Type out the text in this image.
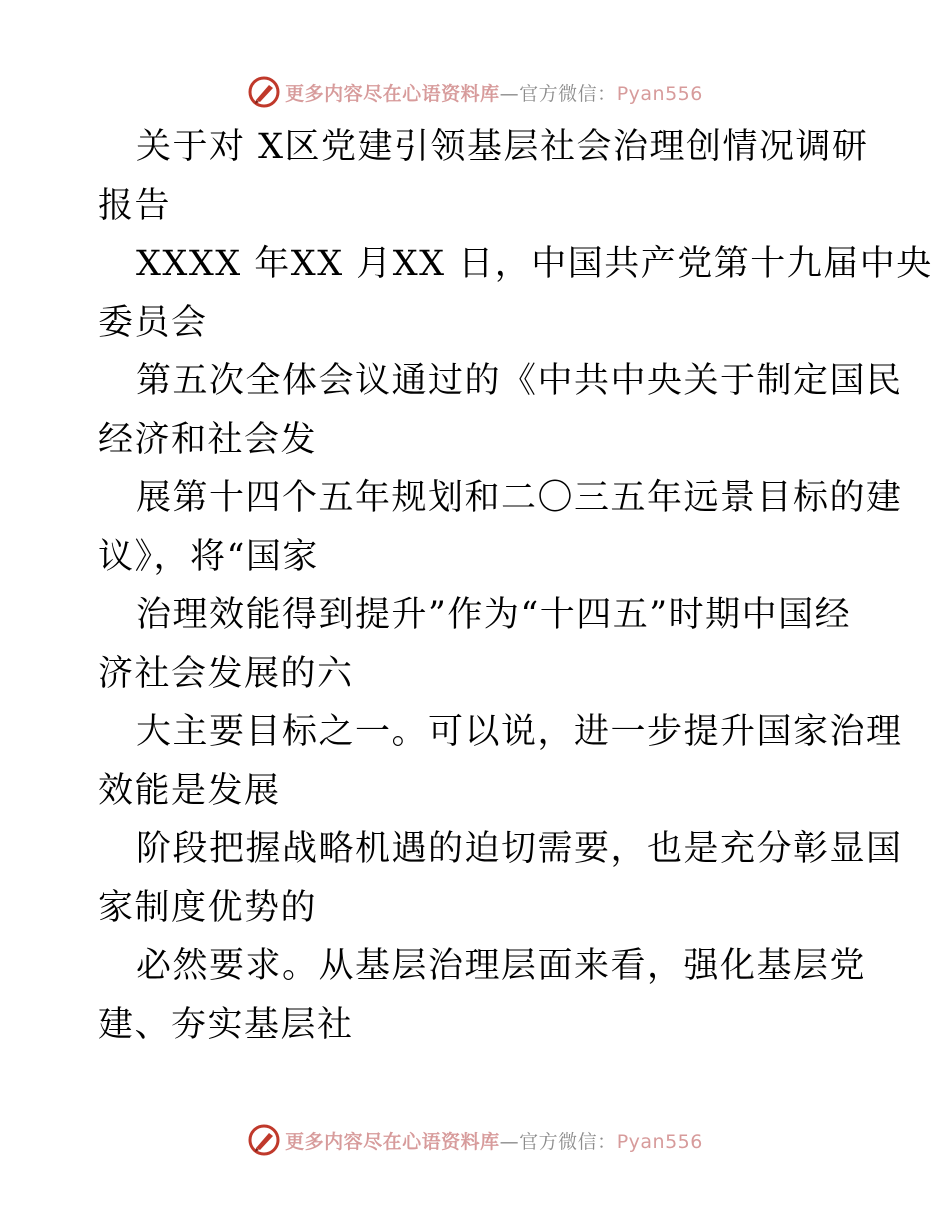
更多内容尽在心语资料库—官方微信：Pyan556
关于对 X区党建引领基层社会治理创情况调研
报告
XXXX 年XX 月XX 日，中国共产党第十九届中央
委员会
第五次全体会议通过的《中共中央关于制定国民
经济和社会发
展第十四个五年规划和二〇三五年远景目标的建
议》，将“国家
治理效能得到提升”作为“十四五”时期中国经
济社会发展的六
大主要目标之一。可以说，进一步提升国家治理
效能是发展
阶段把握战略机遇的迫切需要，也是充分彰显国
家制度优势的
必然要求。从基层治理层面来看，强化基层党
建、夯实基层社
更多内容尽在心语资料库—官方微信：Pyan556
